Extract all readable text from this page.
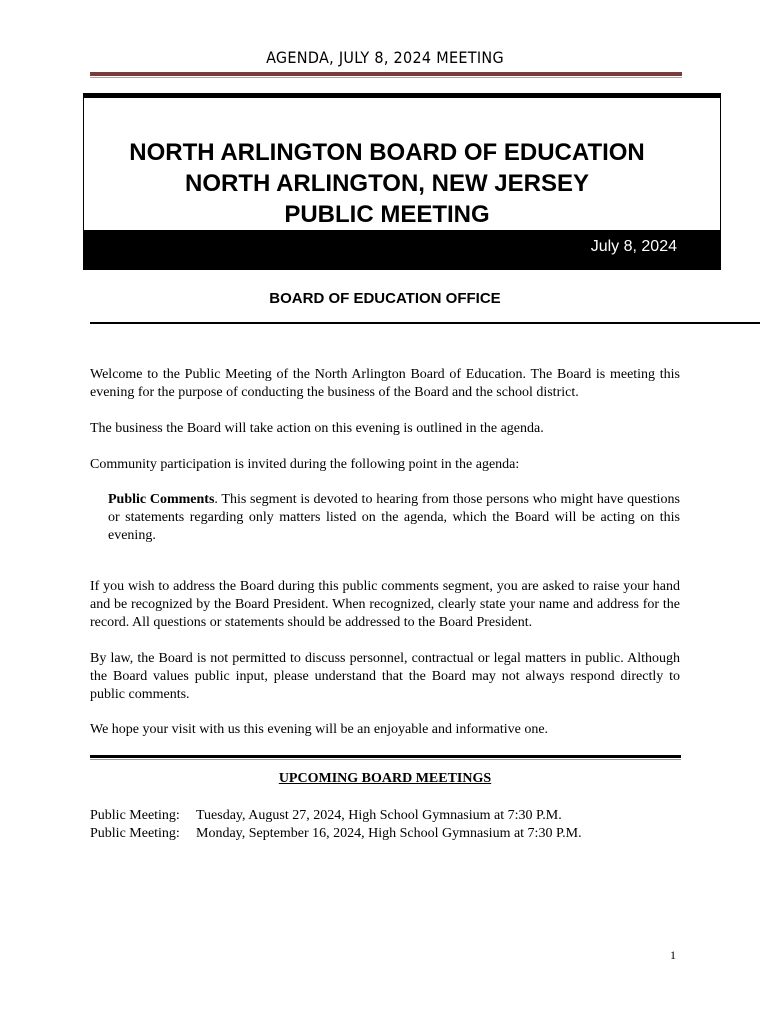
AGENDA, JULY 8, 2024 MEETING
NORTH ARLINGTON BOARD OF EDUCATION
NORTH ARLINGTON, NEW JERSEY
PUBLIC MEETING
July 8, 2024
BOARD OF EDUCATION OFFICE
Welcome to the Public Meeting of the North Arlington Board of Education. The Board is meeting this evening for the purpose of conducting the business of the Board and the school district.
The business the Board will take action on this evening is outlined in the agenda.
Community participation is invited during the following point in the agenda:
Public Comments. This segment is devoted to hearing from those persons who might have questions or statements regarding only matters listed on the agenda, which the Board will be acting on this evening.
If you wish to address the Board during this public comments segment, you are asked to raise your hand and be recognized by the Board President. When recognized, clearly state your name and address for the record. All questions or statements should be addressed to the Board President.
By law, the Board is not permitted to discuss personnel, contractual or legal matters in public. Although the Board values public input, please understand that the Board may not always respond directly to public comments.
We hope your visit with us this evening will be an enjoyable and informative one.
UPCOMING BOARD MEETINGS
Public Meeting: Tuesday, August 27, 2024, High School Gymnasium at 7:30 P.M.
Public Meeting: Monday, September 16, 2024, High School Gymnasium at 7:30 P.M.
1
